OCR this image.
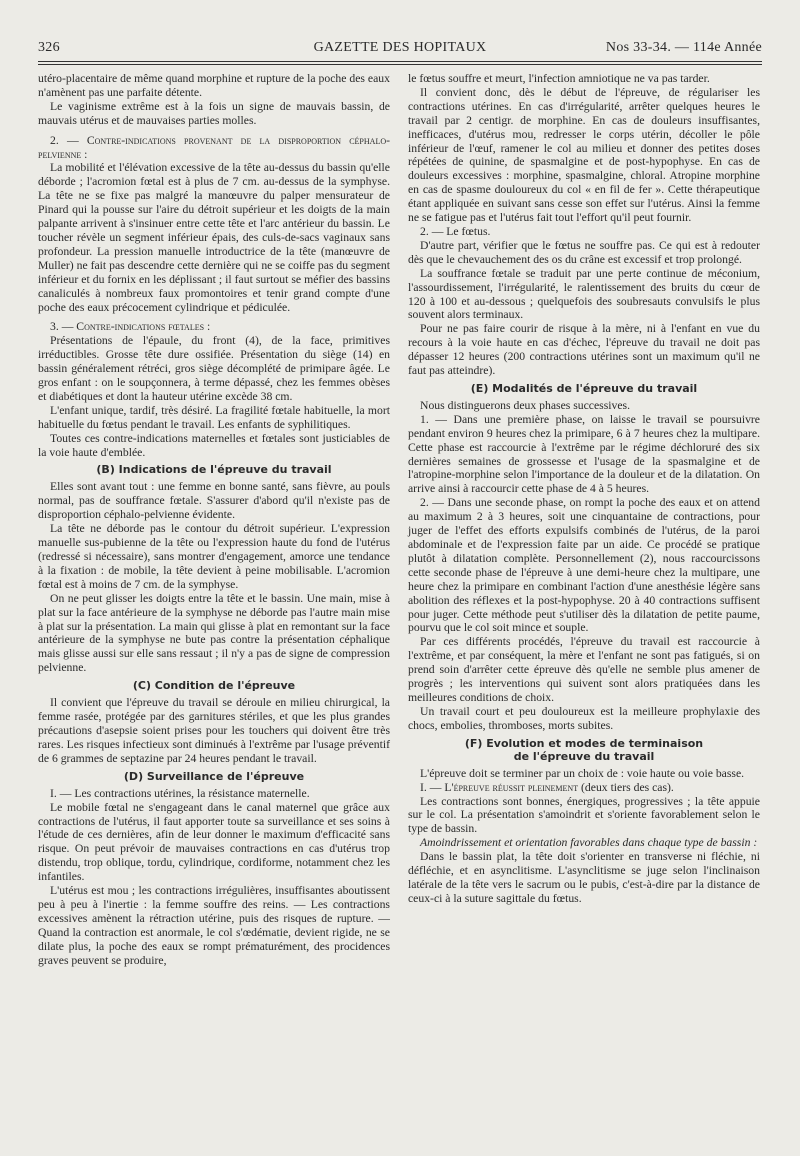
326	GAZETTE DES HOPITAUX	Nos 33-34. — 114e Année

utéro-placentaire de même quand morphine et rupture de la poche des eaux n'amènent pas une parfaite détente.

Le vaginisme extrême est à la fois un signe de mauvais bassin, de mauvais utérus et de mauvaises parties molles.

2. — Contre-indications provenant de la disproportion céphalo-pelvienne :

La mobilité et l'élévation excessive de la tête au-dessus du bassin qu'elle déborde ; l'acromion fœtal est à plus de 7 cm. au-dessus de la symphyse. La tête ne se fixe pas malgré la manœuvre du palper mensurateur de Pinard qui la pousse sur l'aire du détroit supérieur et les doigts de la main palpante arrivent à s'insinuer entre cette tête et l'arc antérieur du bassin. Le toucher révèle un segment inférieur épais, des culs-de-sacs vaginaux sans profondeur. La pression manuelle introductrice de la tête (manœuvre de Muller) ne fait pas descendre cette dernière qui ne se coiffe pas du segment inférieur et du fornix en les déplissant ; il faut surtout se méfier des bassins canaliculés à nombreux faux promontoires et tenir grand compte d'une poche des eaux précocement cylindrique et pédiculée.

3. — Contre-indications fœtales :

Présentations de l'épaule, du front (4), de la face, primitives irréductibles. Grosse tête dure ossifiée. Présentation du siège (14) en bassin généralement rétréci, gros siège décomplété de primipare âgée. Le gros enfant : on le soupçonnera, à terme dépassé, chez les femmes obèses et diabétiques et dont la hauteur utérine excède 38 cm.

L'enfant unique, tardif, très désiré. La fragilité fœtale habituelle, la mort habituelle du fœtus pendant le travail. Les enfants de syphilitiques.

Toutes ces contre-indications maternelles et fœtales sont justiciables de la voie haute d'emblée.

(B) Indications de l'épreuve du travail

Elles sont avant tout : une femme en bonne santé, sans fièvre, au pouls normal, pas de souffrance fœtale. S'assurer d'abord qu'il n'existe pas de disproportion céphalo-pelvienne évidente.

La tête ne déborde pas le contour du détroit supérieur. L'expression manuelle sus-pubienne de la tête ou l'expression haute du fond de l'utérus (redressé si nécessaire), sans montrer d'engagement, amorce une tendance à la fixation : de mobile, la tête devient à peine mobilisable. L'acromion fœtal est à moins de 7 cm. de la symphyse.

On ne peut glisser les doigts entre la tête et le bassin. Une main, mise à plat sur la face antérieure de la symphyse ne déborde pas l'autre main mise à plat sur la présentation. La main qui glisse à plat en remontant sur la face antérieure de la symphyse ne bute pas contre la présentation céphalique mais glisse aussi sur elle sans ressaut ; il n'y a pas de signe de compression pelvienne.

(C) Condition de l'épreuve

Il convient que l'épreuve du travail se déroule en milieu chirurgical, la femme rasée, protégée par des garnitures stériles, et que les plus grandes précautions d'asepsie soient prises pour les touchers qui doivent être très rares. Les risques infectieux sont diminués à l'extrême par l'usage préventif de 6 grammes de septazine par 24 heures pendant le travail.

(D) Surveillance de l'épreuve

I. — Les contractions utérines, la résistance maternelle.

Le mobile fœtal ne s'engageant dans le canal maternel que grâce aux contractions de l'utérus, il faut apporter toute sa surveillance et ses soins à l'étude de ces dernières, afin de leur donner le maximum d'efficacité sans risque. On peut prévoir de mauvaises contractions en cas d'utérus trop distendu, trop oblique, tordu, cylindrique, cordiforme, notamment chez les infantiles.

L'utérus est mou ; les contractions irrégulières, insuffisantes aboutissent peu à peu à l'inertie : la femme souffre des reins. — Les contractions excessives amènent la rétraction utérine, puis des risques de rupture. — Quand la contraction est anormale, le col s'œdématie, devient rigide, ne se dilate plus, la poche des eaux se rompt prématurément, des procidences graves peuvent se produire,

le fœtus souffre et meurt, l'infection amniotique ne va pas tarder.

Il convient donc, dès le début de l'épreuve, de régulariser les contractions utérines. En cas d'irrégularité, arrêter quelques heures le travail par 2 centigr. de morphine. En cas de douleurs insuffisantes, inefficaces, d'utérus mou, redresser le corps utérin, décoller le pôle inférieur de l'œuf, ramener le col au milieu et donner des petites doses répétées de quinine, de spasmalgine et de post-hypophyse. En cas de douleurs excessives : morphine, spasmalgine, chloral. Atropine morphine en cas de spasme douloureux du col « en fil de fer ». Cette thérapeutique étant appliquée en suivant sans cesse son effet sur l'utérus. Ainsi la femme ne se fatigue pas et l'utérus fait tout l'effort qu'il peut fournir.

2. — Le fœtus.

D'autre part, vérifier que le fœtus ne souffre pas. Ce qui est à redouter dès que le chevauchement des os du crâne est excessif et trop prolongé.

La souffrance fœtale se traduit par une perte continue de méconium, l'assourdissement, l'irrégularité, le ralentissement des bruits du cœur de 120 à 100 et au-dessous ; quelquefois des soubresauts convulsifs le plus souvent alors terminaux.

Pour ne pas faire courir de risque à la mère, ni à l'enfant en vue du recours à la voie haute en cas d'échec, l'épreuve du travail ne doit pas dépasser 12 heures (200 contractions utérines sont un maximum qu'il ne faut pas atteindre).

(E) Modalités de l'épreuve du travail

Nous distinguerons deux phases successives.

1. — Dans une première phase, on laisse le travail se poursuivre pendant environ 9 heures chez la primipare, 6 à 7 heures chez la multipare. Cette phase est raccourcie à l'extrême par le régime déchloruré des six dernières semaines de grossesse et l'usage de la spasmalgine et de l'atropine-morphine selon l'importance de la douleur et de la dilatation. On arrive ainsi à raccourcir cette phase de 4 à 5 heures.

2. — Dans une seconde phase, on rompt la poche des eaux et on attend au maximum 2 à 3 heures, soit une cinquantaine de contractions, pour juger de l'effet des efforts expulsifs combinés de l'utérus, de la paroi abdominale et de l'expression faite par un aide. Ce procédé se pratique plutôt à dilatation complète. Personnellement (2), nous raccourcissons cette seconde phase de l'épreuve à une demi-heure chez la multipare, une heure chez la primipare en combinant l'action d'une anesthésie légère sans abolition des réflexes et la post-hypophyse. 20 à 40 contractions suffisent pour juger. Cette méthode peut s'utiliser dès la dilatation de petite paume, pourvu que le col soit mince et souple.

Par ces différents procédés, l'épreuve du travail est raccourcie à l'extrême, et par conséquent, la mère et l'enfant ne sont pas fatigués, si on prend soin d'arrêter cette épreuve dès qu'elle ne semble plus amener de progrès ; les interventions qui suivent sont alors pratiquées dans les meilleures conditions de choix.

Un travail court et peu douloureux est la meilleure prophylaxie des chocs, embolies, thromboses, morts subites.

(F) Evolution et modes de terminaison
de l'épreuve du travail

L'épreuve doit se terminer par un choix de : voie haute ou voie basse.

I. — L'épreuve réussit pleinement (deux tiers des cas).

Les contractions sont bonnes, énergiques, progressives ; la tête appuie sur le col. La présentation s'amoindrit et s'oriente favorablement selon le type de bassin.

Amoindrissement et orientation favorables dans chaque type de bassin :

Dans le bassin plat, la tête doit s'orienter en transverse ni fléchie, ni défléchie, et en asynclitisme. L'asynclitisme se juge selon l'inclinaison latérale de la tête vers le sacrum ou le pubis, c'est-à-dire par la distance de ceux-ci à la suture sagittale du fœtus.
